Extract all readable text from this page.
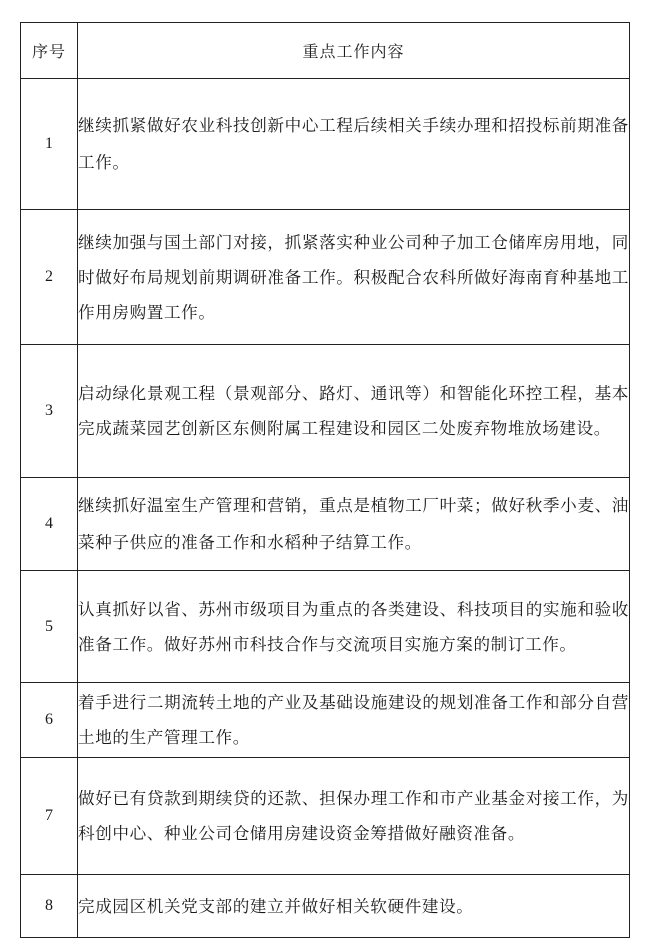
序号	重点工作内容
1	继续抓紧做好农业科技创新中心工程后续相关手续办理和招投标前期准备工作。
2	继续加强与国土部门对接，抓紧落实种业公司种子加工仓储库房用地，同时做好布局规划前期调研准备工作。积极配合农科所做好海南育种基地工作用房购置工作。
3	启动绿化景观工程（景观部分、路灯、通讯等）和智能化环控工程，基本完成蔬菜园艺创新区东侧附属工程建设和园区二处废弃物堆放场建设。
4	继续抓好温室生产管理和营销，重点是植物工厂叶菜；做好秋季小麦、油菜种子供应的准备工作和水稻种子结算工作。
5	认真抓好以省、苏州市级项目为重点的各类建设、科技项目的实施和验收准备工作。做好苏州市科技合作与交流项目实施方案的制订工作。
6	着手进行二期流转土地的产业及基础设施建设的规划准备工作和部分自营土地的生产管理工作。
7	做好已有贷款到期续贷的还款、担保办理工作和市产业基金对接工作，为科创中心、种业公司仓储用房建设资金筹措做好融资准备。
8	完成园区机关党支部的建立并做好相关软硬件建设。
